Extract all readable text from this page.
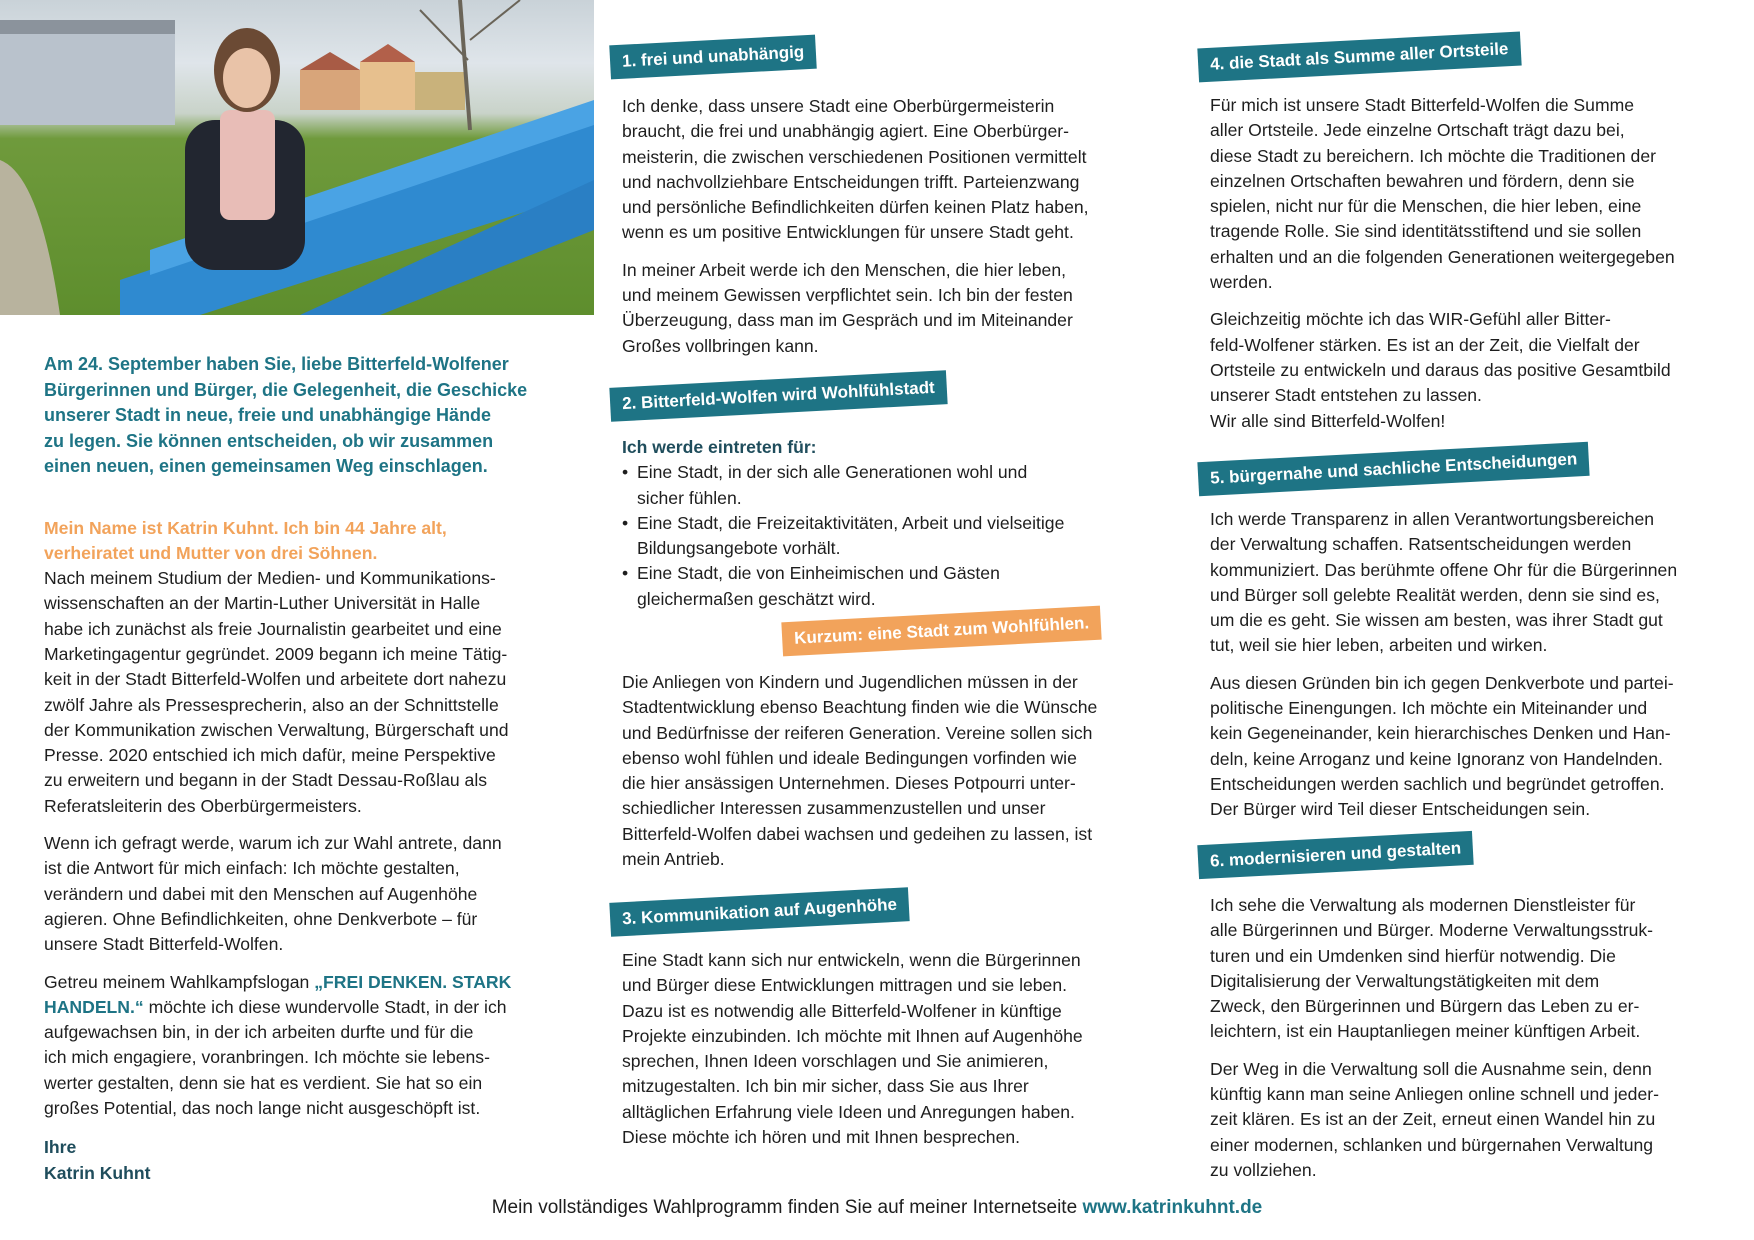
Am 24. September haben Sie, liebe Bitterfeld-Wolfener
Bürgerinnen und Bürger, die Gelegenheit, die Geschicke
unserer Stadt in neue, freie und unabhängige Hände
zu legen. Sie können entscheiden, ob wir zusammen
einen neuen, einen gemeinsamen Weg einschlagen.

Mein Name ist Katrin Kuhnt. Ich bin 44 Jahre alt,
verheiratet und Mutter von drei Söhnen.

Nach meinem Studium der Medien- und Kommunikations-
wissenschaften an der Martin-Luther Universität in Halle
habe ich zunächst als freie Journalistin gearbeitet und eine
Marketingagentur gegründet. 2009 begann ich meine Tätig-
keit in der Stadt Bitterfeld-Wolfen und arbeitete dort nahezu
zwölf Jahre als Pressesprecherin, also an der Schnittstelle
der Kommunikation zwischen Verwaltung, Bürgerschaft und
Presse. 2020 entschied ich mich dafür, meine Perspektive
zu erweitern und begann in der Stadt Dessau-Roßlau als
Referatsleiterin des Oberbürgermeisters.

Wenn ich gefragt werde, warum ich zur Wahl antrete, dann
ist die Antwort für mich einfach: Ich möchte gestalten,
verändern und dabei mit den Menschen auf Augenhöhe
agieren. Ohne Befindlichkeiten, ohne Denkverbote – für
unsere Stadt Bitterfeld-Wolfen.

Getreu meinem Wahlkampfslogan „FREI DENKEN. STARK
HANDELN.“ möchte ich diese wundervolle Stadt, in der ich
aufgewachsen bin, in der ich arbeiten durfte und für die
ich mich engagiere, voranbringen. Ich möchte sie lebens-
werter gestalten, denn sie hat es verdient. Sie hat so ein
großes Potential, das noch lange nicht ausgeschöpft ist.

Ihre
Katrin Kuhnt
1. frei und unabhängig

Ich denke, dass unsere Stadt eine Oberbürgermeisterin
braucht, die frei und unabhängig agiert. Eine Oberbürger-
meisterin, die zwischen verschiedenen Positionen vermittelt
und nachvollziehbare Entscheidungen trifft. Parteienzwang
und persönliche Befindlichkeiten dürfen keinen Platz haben,
wenn es um positive Entwicklungen für unsere Stadt geht.

In meiner Arbeit werde ich den Menschen, die hier leben,
und meinem Gewissen verpflichtet sein. Ich bin der festen
Überzeugung, dass man im Gespräch und im Miteinander
Großes vollbringen kann.

2. Bitterfeld-Wolfen wird Wohlfühlstadt
Ich werde eintreten für:
• Eine Stadt, in der sich alle Generationen wohl und
sicher fühlen.
• Eine Stadt, die Freizeitaktivitäten, Arbeit und vielseitige
Bildungsangebote vorhält.
• Eine Stadt, die von Einheimischen und Gästen
gleichermaßen geschätzt wird.
Kurzum: eine Stadt zum Wohlfühlen.

Die Anliegen von Kindern und Jugendlichen müssen in der
Stadtentwicklung ebenso Beachtung finden wie die Wünsche
und Bedürfnisse der reiferen Generation. Vereine sollen sich
ebenso wohl fühlen und ideale Bedingungen vorfinden wie
die hier ansässigen Unternehmen. Dieses Potpourri unter-
schiedlicher Interessen zusammenzustellen und unser
Bitterfeld-Wolfen dabei wachsen und gedeihen zu lassen, ist
mein Antrieb.

3. Kommunikation auf Augenhöhe

Eine Stadt kann sich nur entwickeln, wenn die Bürgerinnen
und Bürger diese Entwicklungen mittragen und sie leben.
Dazu ist es notwendig alle Bitterfeld-Wolfener in künftige
Projekte einzubinden. Ich möchte mit Ihnen auf Augenhöhe
sprechen, Ihnen Ideen vorschlagen und Sie animieren,
mitzugestalten. Ich bin mir sicher, dass Sie aus Ihrer
alltäglichen Erfahrung viele Ideen und Anregungen haben.
Diese möchte ich hören und mit Ihnen besprechen.

4. die Stadt als Summe aller Ortsteile

Für mich ist unsere Stadt Bitterfeld-Wolfen die Summe
aller Ortsteile. Jede einzelne Ortschaft trägt dazu bei,
diese Stadt zu bereichern. Ich möchte die Traditionen der
einzelnen Ortschaften bewahren und fördern, denn sie
spielen, nicht nur für die Menschen, die hier leben, eine
tragende Rolle. Sie sind identitätsstiftend und sie sollen
erhalten und an die folgenden Generationen weitergegeben
werden.

Gleichzeitig möchte ich das WIR-Gefühl aller Bitter-
feld-Wolfener stärken. Es ist an der Zeit, die Vielfalt der
Ortsteile zu entwickeln und daraus das positive Gesamtbild
unserer Stadt entstehen zu lassen.
Wir alle sind Bitterfeld-Wolfen!

5. bürgernahe und sachliche Entscheidungen

Ich werde Transparenz in allen Verantwortungsbereichen
der Verwaltung schaffen. Ratsentscheidungen werden
kommuniziert. Das berühmte offene Ohr für die Bürgerinnen
und Bürger soll gelebte Realität werden, denn sie sind es,
um die es geht. Sie wissen am besten, was ihrer Stadt gut
tut, weil sie hier leben, arbeiten und wirken.

Aus diesen Gründen bin ich gegen Denkverbote und partei-
politische Einengungen. Ich möchte ein Miteinander und
kein Gegeneinander, kein hierarchisches Denken und Han-
deln, keine Arroganz und keine Ignoranz von Handelnden.
Entscheidungen werden sachlich und begründet getroffen.
Der Bürger wird Teil dieser Entscheidungen sein.

6. modernisieren und gestalten

Ich sehe die Verwaltung als modernen Dienstleister für
alle Bürgerinnen und Bürger. Moderne Verwaltungsstruk-
turen und ein Umdenken sind hierfür notwendig. Die
Digitalisierung der Verwaltungstätigkeiten mit dem
Zweck, den Bürgerinnen und Bürgern das Leben zu er-
leichtern, ist ein Hauptanliegen meiner künftigen Arbeit.

Der Weg in die Verwaltung soll die Ausnahme sein, denn
künftig kann man seine Anliegen online schnell und jeder-
zeit klären. Es ist an der Zeit, erneut einen Wandel hin zu
einer modernen, schlanken und bürgernahen Verwaltung
zu vollziehen.

Mein vollständiges Wahlprogramm finden Sie auf meiner Internetseite www.katrinkuhnt.de
